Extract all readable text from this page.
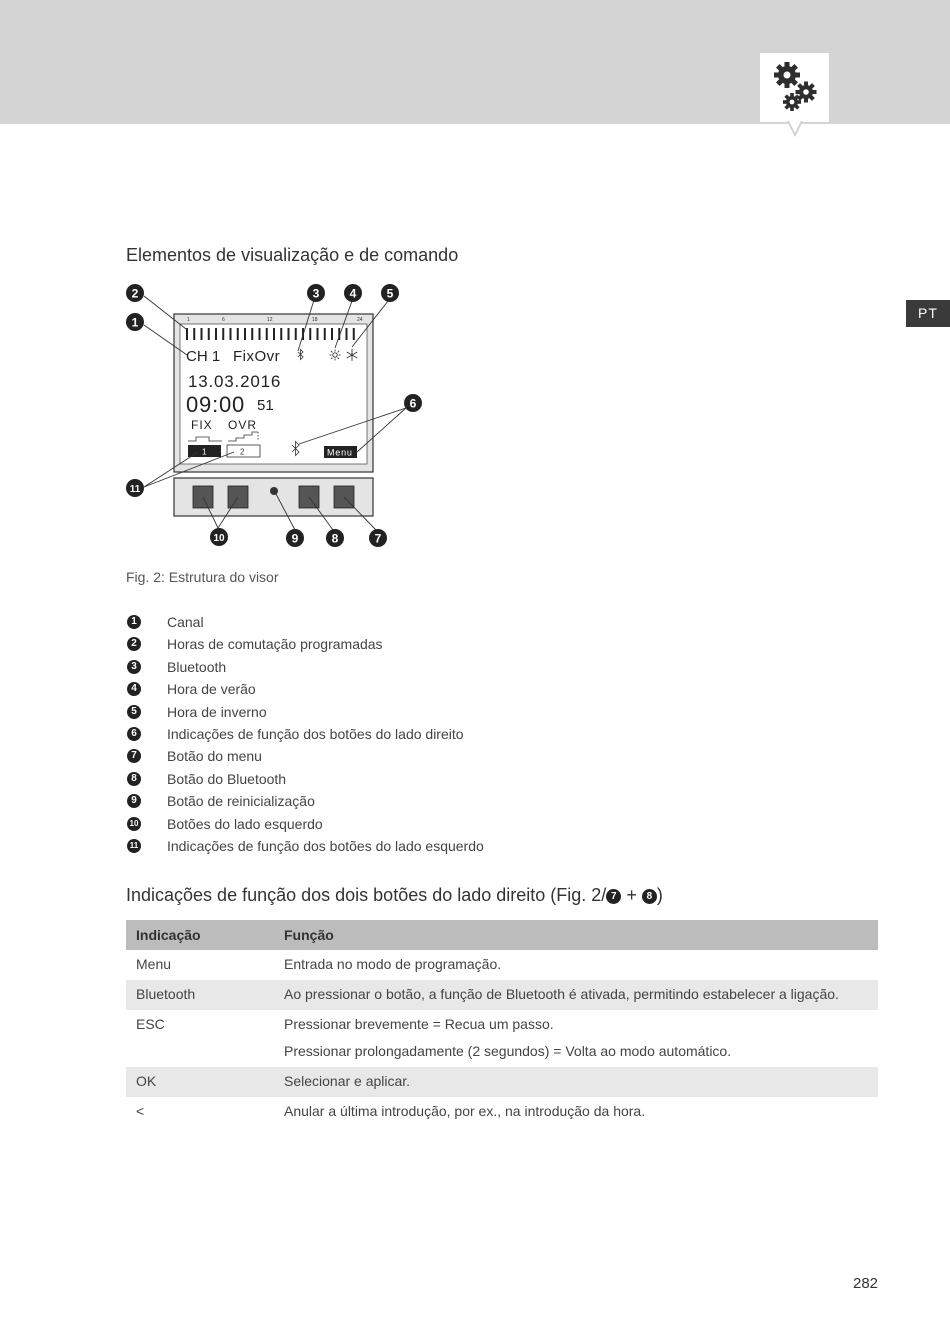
PT
Elementos de visualização e de comando
1	6	12	18	24
CH 1 FixOvr
13.03.2016
09:00 51
FIX OVR
1	2	Menu
2
1
3	4	5
6
11
10	9	8	7
Fig. 2: Estrutura do visor
1	Canal
2	Horas de comutação programadas
3	Bluetooth
4	Hora de verão
5	Hora de inverno
6	Indicações de função dos botões do lado direito
7	Botão do menu
8	Botão do Bluetooth
9	Botão de reinicialização
10 Botões do lado esquerdo
11 Indicações de função dos botões do lado esquerdo
Indicações de função dos dois botões do lado direito (Fig. 2/ 7 + 8 )
Indicação	Função
Menu	Entrada no modo de programação.

Bluetooth	Ao pressionar o botão, a função de Bluetooth é ativada, permitindo estabelecer a ligação.

ESC	Pressionar brevemente = Recua um passo.
Pressionar prolongadamente (2 segundos) = Volta ao modo automático.

OK	Selecionar e aplicar.

<	Anular a última introdução, por ex., na introdução da hora.
282
